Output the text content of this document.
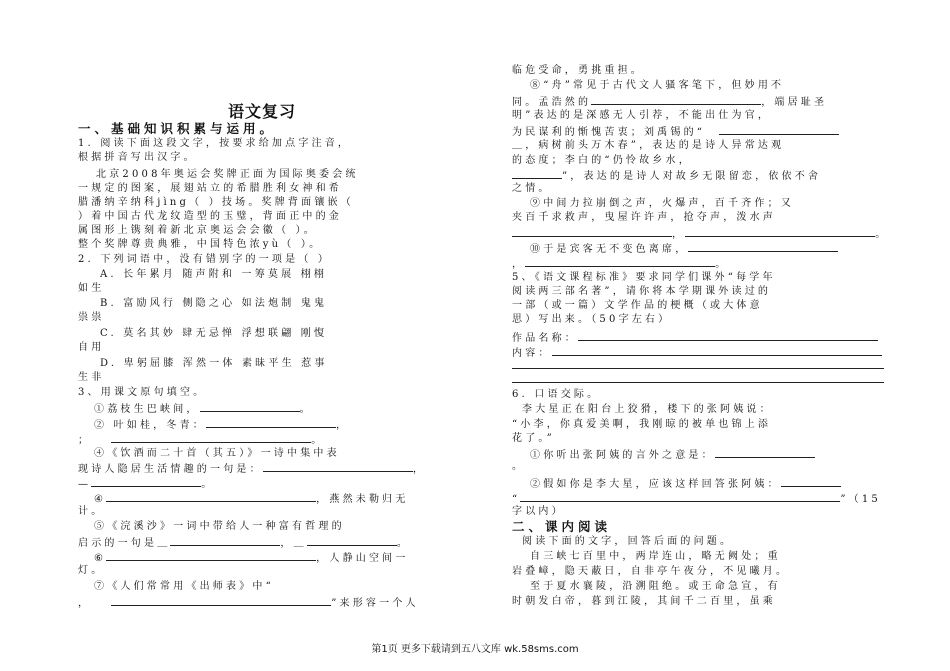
语文复习
一、基础知识积累与运用。
1. 阅读下面这段文字，按要求给加点字注音，
根据拼音写出汉字。
北京2008年奥运会奖牌正面为国际奥委会统
一规定的图案，展翅站立的希腊胜利女神和希
腊潘纳辛纳科jìng（ ）技场。奖牌背面镶嵌（
）着中国古代龙纹造型的玉璧，背面正中的金
属图形上镌刻着新北京奥运会会徽（ ）。
整个奖牌尊贵典雅，中国特色浓yù（ ）。
2. 下列词语中，没有错别字的一项是（ ）
A. 长年累月 随声附和 一筹莫展 栩栩
如生
B. 富励风行 侧隐之心 如法炮制 鬼鬼
祟祟
C. 莫名其妙 肆无忌惮 浮想联翩 刚愎
自用
D. 卑躬屈膝 浑然一体 素昧平生 惹事
生非
3、用课文原句填空。
①荔枝生巴峡间，	。
② 叶如桂，冬青：	，
；	。
④《饮酒而二十首（其五）》一诗中集中表
现诗人隐居生活情趣的一句是：	，
—	。
④	，燕然未勒归无
计。
⑤《浣溪沙》一词中带给人一种富有哲理的
启示的一句是＿	，＿	。
⑥	，人静山空间一
灯。
⑦《人们常常用《出师表》中“
，	”来形容一个人
临危受命，勇挑重担。
⑧“舟”常见于古代文人骚客笔下，但妙用不
同。孟浩然的	，端居耻圣
明”表达的是深感无人引荐，不能出仕为官，
为民谋利的惭愧苦衷；刘禹锡的“
＿，病树前头万木春”，表达的是诗人异常达观
的态度；李白的“仍怜故乡水，
”，表达的是诗人对故乡无限留恋，依依不舍
之情。
⑨中间力拉崩倒之声，火爆声，百千齐作；又
夹百千求救声，曳屋许许声，抢夺声，泼水声
，	。
⑩于是宾客无不变色离席，
，	。
5、《语文课程标准》要求同学们课外“每学年
阅读两三部名著”，请你将本学期课外读过的
一部（或一篇）文学作品的梗概（或大体意
思）写出来。（50字左右）
作品名称：
内容：
6. 口语交际。
李大星正在阳台上狡猾，楼下的张阿姨说：
“小李，你真爱美啊，我刚晾的被单也锦上添
花了。”
①你听出张阿姨的言外之意是：
。
②假如你是李大星，应该这样回答张阿姨：
“	”（15
字以内）
二、课内阅读
阅读下面的文字，回答后面的问题。
自三峡七百里中，两岸连山，略无阙处；重
岩叠嶂，隐天蔽日，自非亭午夜分，不见曦月。
至于夏水襄陵，沿溯阻绝。或王命急宣，有
时朝发白帝，暮到江陵，其间千二百里，虽乘
第1页 更多下载请到五八文库 wk.58sms.com
